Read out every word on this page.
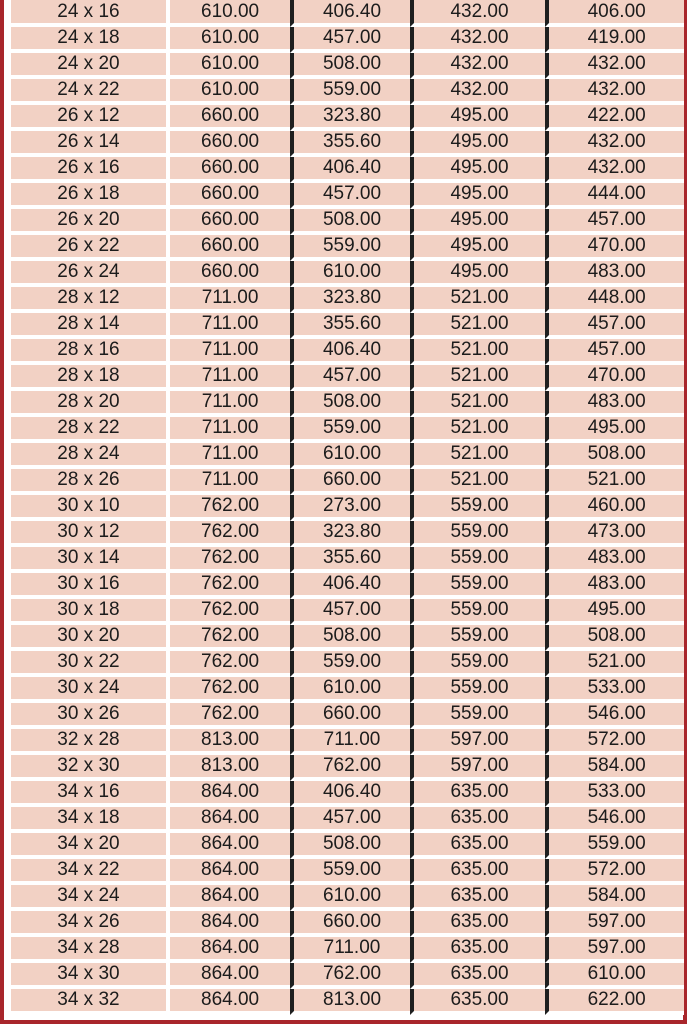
24 x 16	610.00	406.40	432.00	406.00
24 x 18	610.00	457.00	432.00	419.00
24 x 20	610.00	508.00	432.00	432.00
24 x 22	610.00	559.00	432.00	432.00
26 x 12	660.00	323.80	495.00	422.00
26 x 14	660.00	355.60	495.00	432.00
26 x 16	660.00	406.40	495.00	432.00
26 x 18	660.00	457.00	495.00	444.00
26 x 20	660.00	508.00	495.00	457.00
26 x 22	660.00	559.00	495.00	470.00
26 x 24	660.00	610.00	495.00	483.00
28 x 12	711.00	323.80	521.00	448.00
28 x 14	711.00	355.60	521.00	457.00
28 x 16	711.00	406.40	521.00	457.00
28 x 18	711.00	457.00	521.00	470.00
28 x 20	711.00	508.00	521.00	483.00
28 x 22	711.00	559.00	521.00	495.00
28 x 24	711.00	610.00	521.00	508.00
28 x 26	711.00	660.00	521.00	521.00
30 x 10	762.00	273.00	559.00	460.00
30 x 12	762.00	323.80	559.00	473.00
30 x 14	762.00	355.60	559.00	483.00
30 x 16	762.00	406.40	559.00	483.00
30 x 18	762.00	457.00	559.00	495.00
30 x 20	762.00	508.00	559.00	508.00
30 x 22	762.00	559.00	559.00	521.00
30 x 24	762.00	610.00	559.00	533.00
30 x 26	762.00	660.00	559.00	546.00
32 x 28	813.00	711.00	597.00	572.00
32 x 30	813.00	762.00	597.00	584.00
34 x 16	864.00	406.40	635.00	533.00
34 x 18	864.00	457.00	635.00	546.00
34 x 20	864.00	508.00	635.00	559.00
34 x 22	864.00	559.00	635.00	572.00
34 x 24	864.00	610.00	635.00	584.00
34 x 26	864.00	660.00	635.00	597.00
34 x 28	864.00	711.00	635.00	597.00
34 x 30	864.00	762.00	635.00	610.00
34 x 32	864.00	813.00	635.00	622.00
